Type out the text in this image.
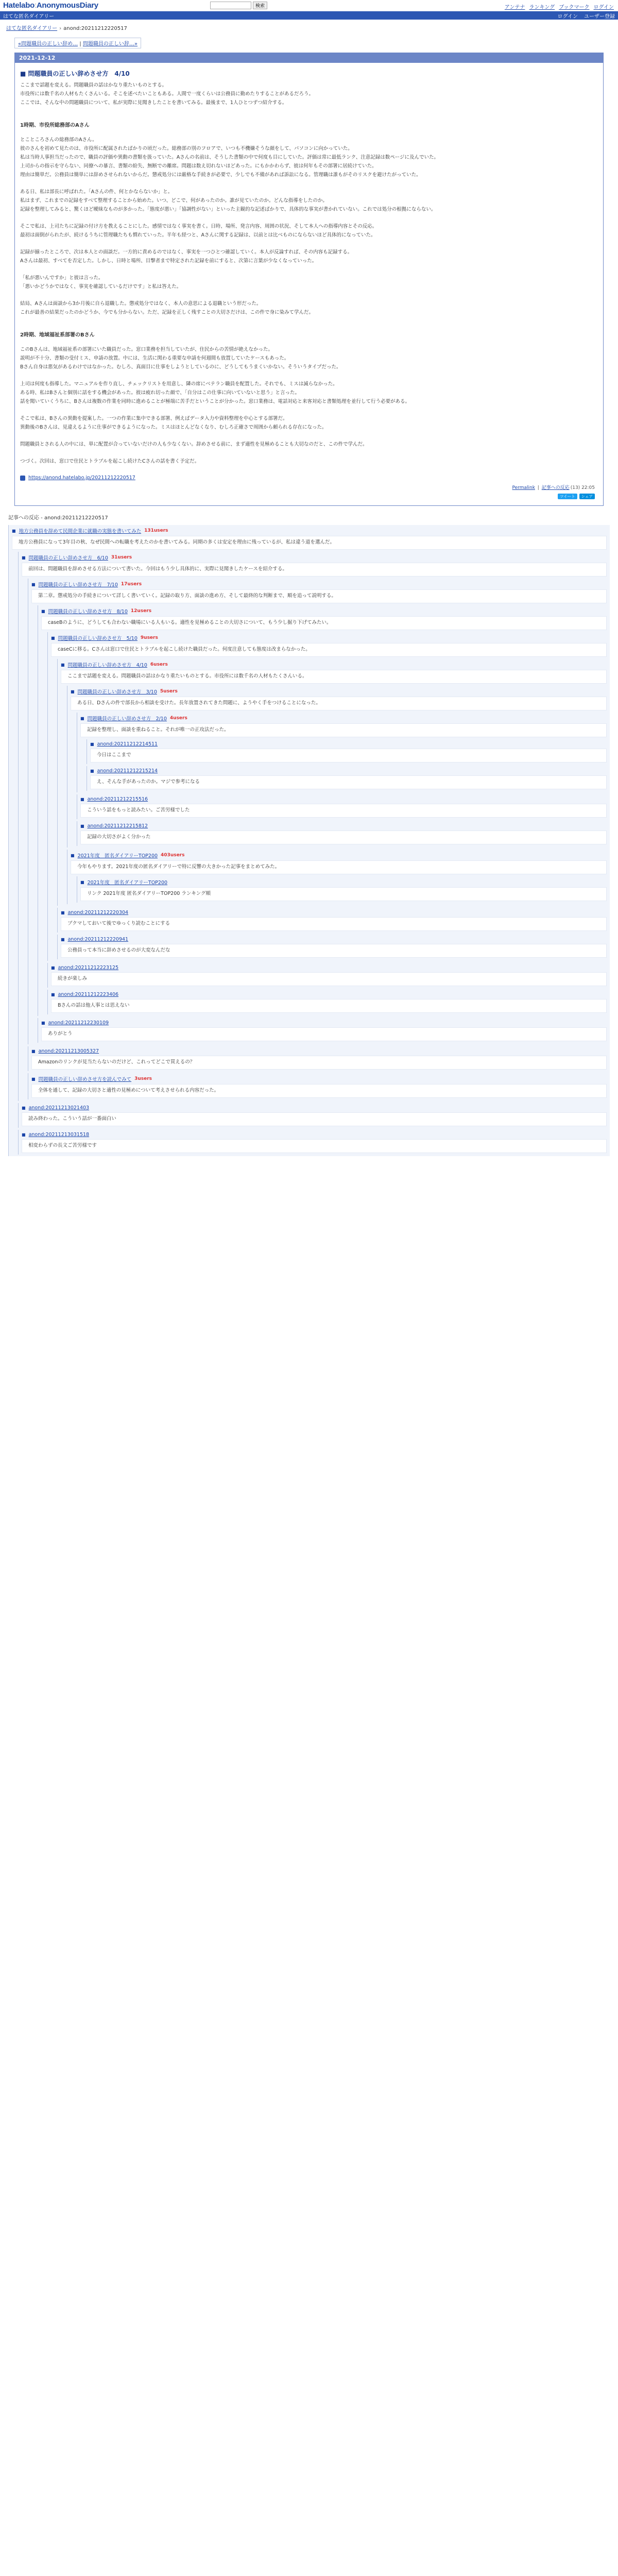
Hatelabo:AnonymousDiary	検索	アンテナ ランキング ブックマーク ログイン
はてな匿名ダイアリー	ログイン ユーザー登録
はてな匿名ダイアリー › anond:20211212220517
«問題職員の正しい辞め… | 問題職員の正しい辞…»
2021-12-12
■ 問題職員の正しい辞めさせ方　4/10
ここまで話題を変える。問題職員の話はかなり重たいものとする。
市役所には数千名の人材もたくさんいる。そこを述べたいこともある。人間で一度くらいは公務員に勤めたりすることがあるだろう。
ここでは、そんな中の問題職員について、私が実際に見聞きしたことを書いてみる。最後まで、1人ひとつずつ紹介する。
1時期、市役所総務部のAさん
とこところさんの総務部のAさん。
彼のさんを初めて見たのは、市役所に配属されたばかりの頃だった。総務部の別のフロアで、いつも不機嫌そうな顔をして、パソコンに向かっていた。
私は当時人事担当だったので、職員の評価や異動の書類を扱っていた。Aさんの名前は、そうした書類の中で何度も目にしていた。評価は常に最低ランク、注意記録は数ページに及んでいた。
上司からの指示を守らない、同僚への暴言、書類の紛失、無断での離席。問題は数え切れないほどあった。にもかかわらず、彼は何年もその部署に居続けていた。
理由は簡単だ。公務員は簡単には辞めさせられないからだ。懲戒処分には厳格な手続きが必要で、少しでも不備があれば訴訟になる。管理職は誰もがそのリスクを避けたがっていた。
ある日、私は部長に呼ばれた。「Aさんの件、何とかならないか」と。
私はまず、これまでの記録をすべて整理することから始めた。いつ、どこで、何があったのか。誰が見ていたのか。どんな指導をしたのか。
記録を整理してみると、驚くほど曖昧なものが多かった。「態度が悪い」「協調性がない」といった主観的な記述ばかりで、具体的な事実が書かれていない。これでは処分の根拠にならない。
そこで私は、上司たちに記録の付け方を教えることにした。感情ではなく事実を書く。日時、場所、発言内容、周囲の状況、そして本人への指導内容とその反応。
最初は面倒がられたが、続けるうちに管理職たちも慣れていった。半年も経つと、Aさんに関する記録は、以前とは比べものにならないほど具体的になっていた。
記録が揃ったところで、次は本人との面談だ。一方的に責めるのではなく、事実を一つひとつ確認していく。本人が反論すれば、その内容も記録する。
Aさんは最初、すべてを否定した。しかし、日時と場所、目撃者まで特定された記録を前にすると、次第に言葉が少なくなっていった。
「私が悪いんですか」と彼は言った。
「悪いかどうかではなく、事実を確認しているだけです」と私は答えた。
結局、Aさんは面談から3か月後に自ら退職した。懲戒処分ではなく、本人の意思による退職という形だった。
これが最善の結果だったのかどうか、今でも分からない。ただ、記録を正しく残すことの大切さだけは、この件で身に染みて学んだ。
2時期、地域福祉系部署のBさん
このBさんは、地域福祉系の部署にいた職員だった。窓口業務を担当していたが、住民からの苦情が絶えなかった。
説明が不十分、書類の受付ミス、申請の放置。中には、生活に関わる重要な申請を何週間も放置していたケースもあった。
Bさん自身は悪気があるわけではなかった。むしろ、真面目に仕事をしようとしているのに、どうしてもうまくいかない。そういうタイプだった。
上司は何度も指導した。マニュアルを作り直し、チェックリストを用意し、隣の席にベテラン職員を配置した。それでも、ミスは減らなかった。
ある時、私はBさんと個別に話をする機会があった。彼は疲れ切った顔で、「自分はこの仕事に向いていないと思う」と言った。
話を聞いていくうちに、Bさんは複数の作業を同時に進めることが極端に苦手だということが分かった。窓口業務は、電話対応と来客対応と書類処理を並行して行う必要がある。
そこで私は、Bさんの異動を提案した。一つの作業に集中できる部署、例えばデータ入力や資料整理を中心とする部署だ。
異動後のBさんは、見違えるように仕事ができるようになった。ミスはほとんどなくなり、むしろ正確さで周囲から頼られる存在になった。
問題職員とされる人の中には、単に配置が合っていないだけの人も少なくない。辞めさせる前に、まず適性を見極めることも大切なのだと、この件で学んだ。
つづく。次回は、窓口で住民とトラブルを起こし続けたCさんの話を書く予定だ。
https://anond.hatelabo.jp/20211212220517
Permalink | 記事への反応 (13) 22:05
ツイート	シェア
記事への反応 - anond:20211212220517
■ 地方公務員を辞めて民間企業に就職の実態を書いてみた 131users
地方公務員になって3年目の秋、なぜ民間への転職を考えたのかを書いてみる。同期の多くは安定を理由に残っているが、私は違う道を選んだ。
■ 問題職員の正しい辞めさせ方　6/10 31users
前回は、問題職員を辞めさせる方法について書いた。今回はもう少し具体的に、実際に見聞きしたケースを紹介する。
■ 問題職員の正しい辞めさせ方　7/10 17users
第二章。懲戒処分の手続きについて詳しく書いていく。記録の取り方、面談の進め方、そして最終的な判断まで、順を追って説明する。
■ 問題職員の正しい辞めさせ方　8/10 12users
caseBのように、どうしても合わない職場にいる人もいる。適性を見極めることの大切さについて、もう少し掘り下げてみたい。
■ 問題職員の正しい辞めさせ方　5/10 9users
caseCに移る。Cさんは窓口で住民とトラブルを起こし続けた職員だった。何度注意しても態度は改まらなかった。
■ 問題職員の正しい辞めさせ方　4/10 6users
ここまで話題を変える。問題職員の話はかなり重たいものとする。市役所には数千名の人材もたくさんいる。
■ 問題職員の正しい辞めさせ方　3/10 5users
ある日、Dさんの件で部長から相談を受けた。長年放置されてきた問題に、ようやく手をつけることになった。
■ 問題職員の正しい辞めさせ方　2/10 4users
記録を整理し、面談を重ねること。それが唯一の正攻法だった。
■ anond:20211212214511
今日はここまで
■ anond:20211212215214
え、そんな手があったのか。マジで参考になる
■ anond:20211212215516
こういう話をもっと読みたい。ご苦労様でした
■ anond:20211212215812
記録の大切さがよく分かった
■ 2021年度　匿名ダイアリーTOP200 403users
今年もやります。2021年度の匿名ダイアリーで特に反響の大きかった記事をまとめてみた。
■ 2021年度　匿名ダイアリーTOP200
リンク 2021年度 匿名ダイアリーTOP200 ランキング順
■ anond:20211212220304
ブクマしておいて後でゆっくり読むことにする
■ anond:20211212220941
公務員って本当に辞めさせるのが大変なんだな
■ anond:20211212223125
続きが楽しみ
■ anond:20211212223406
Bさんの話は他人事とは思えない
■ anond:20211212230109
ありがとう
■ anond:20211213005327
Amazonのリンクが見当たらないのだけど、これってどこで買えるの？
■ 問題職員の正しい辞めさせ方を読んでみて 3users
全体を通して、記録の大切さと適性の見極めについて考えさせられる内容だった。
■ anond:20211213021403
読み終わった。こういう話が一番面白い
■ anond:20211213031518
相変わらずの長文ご苦労様です
